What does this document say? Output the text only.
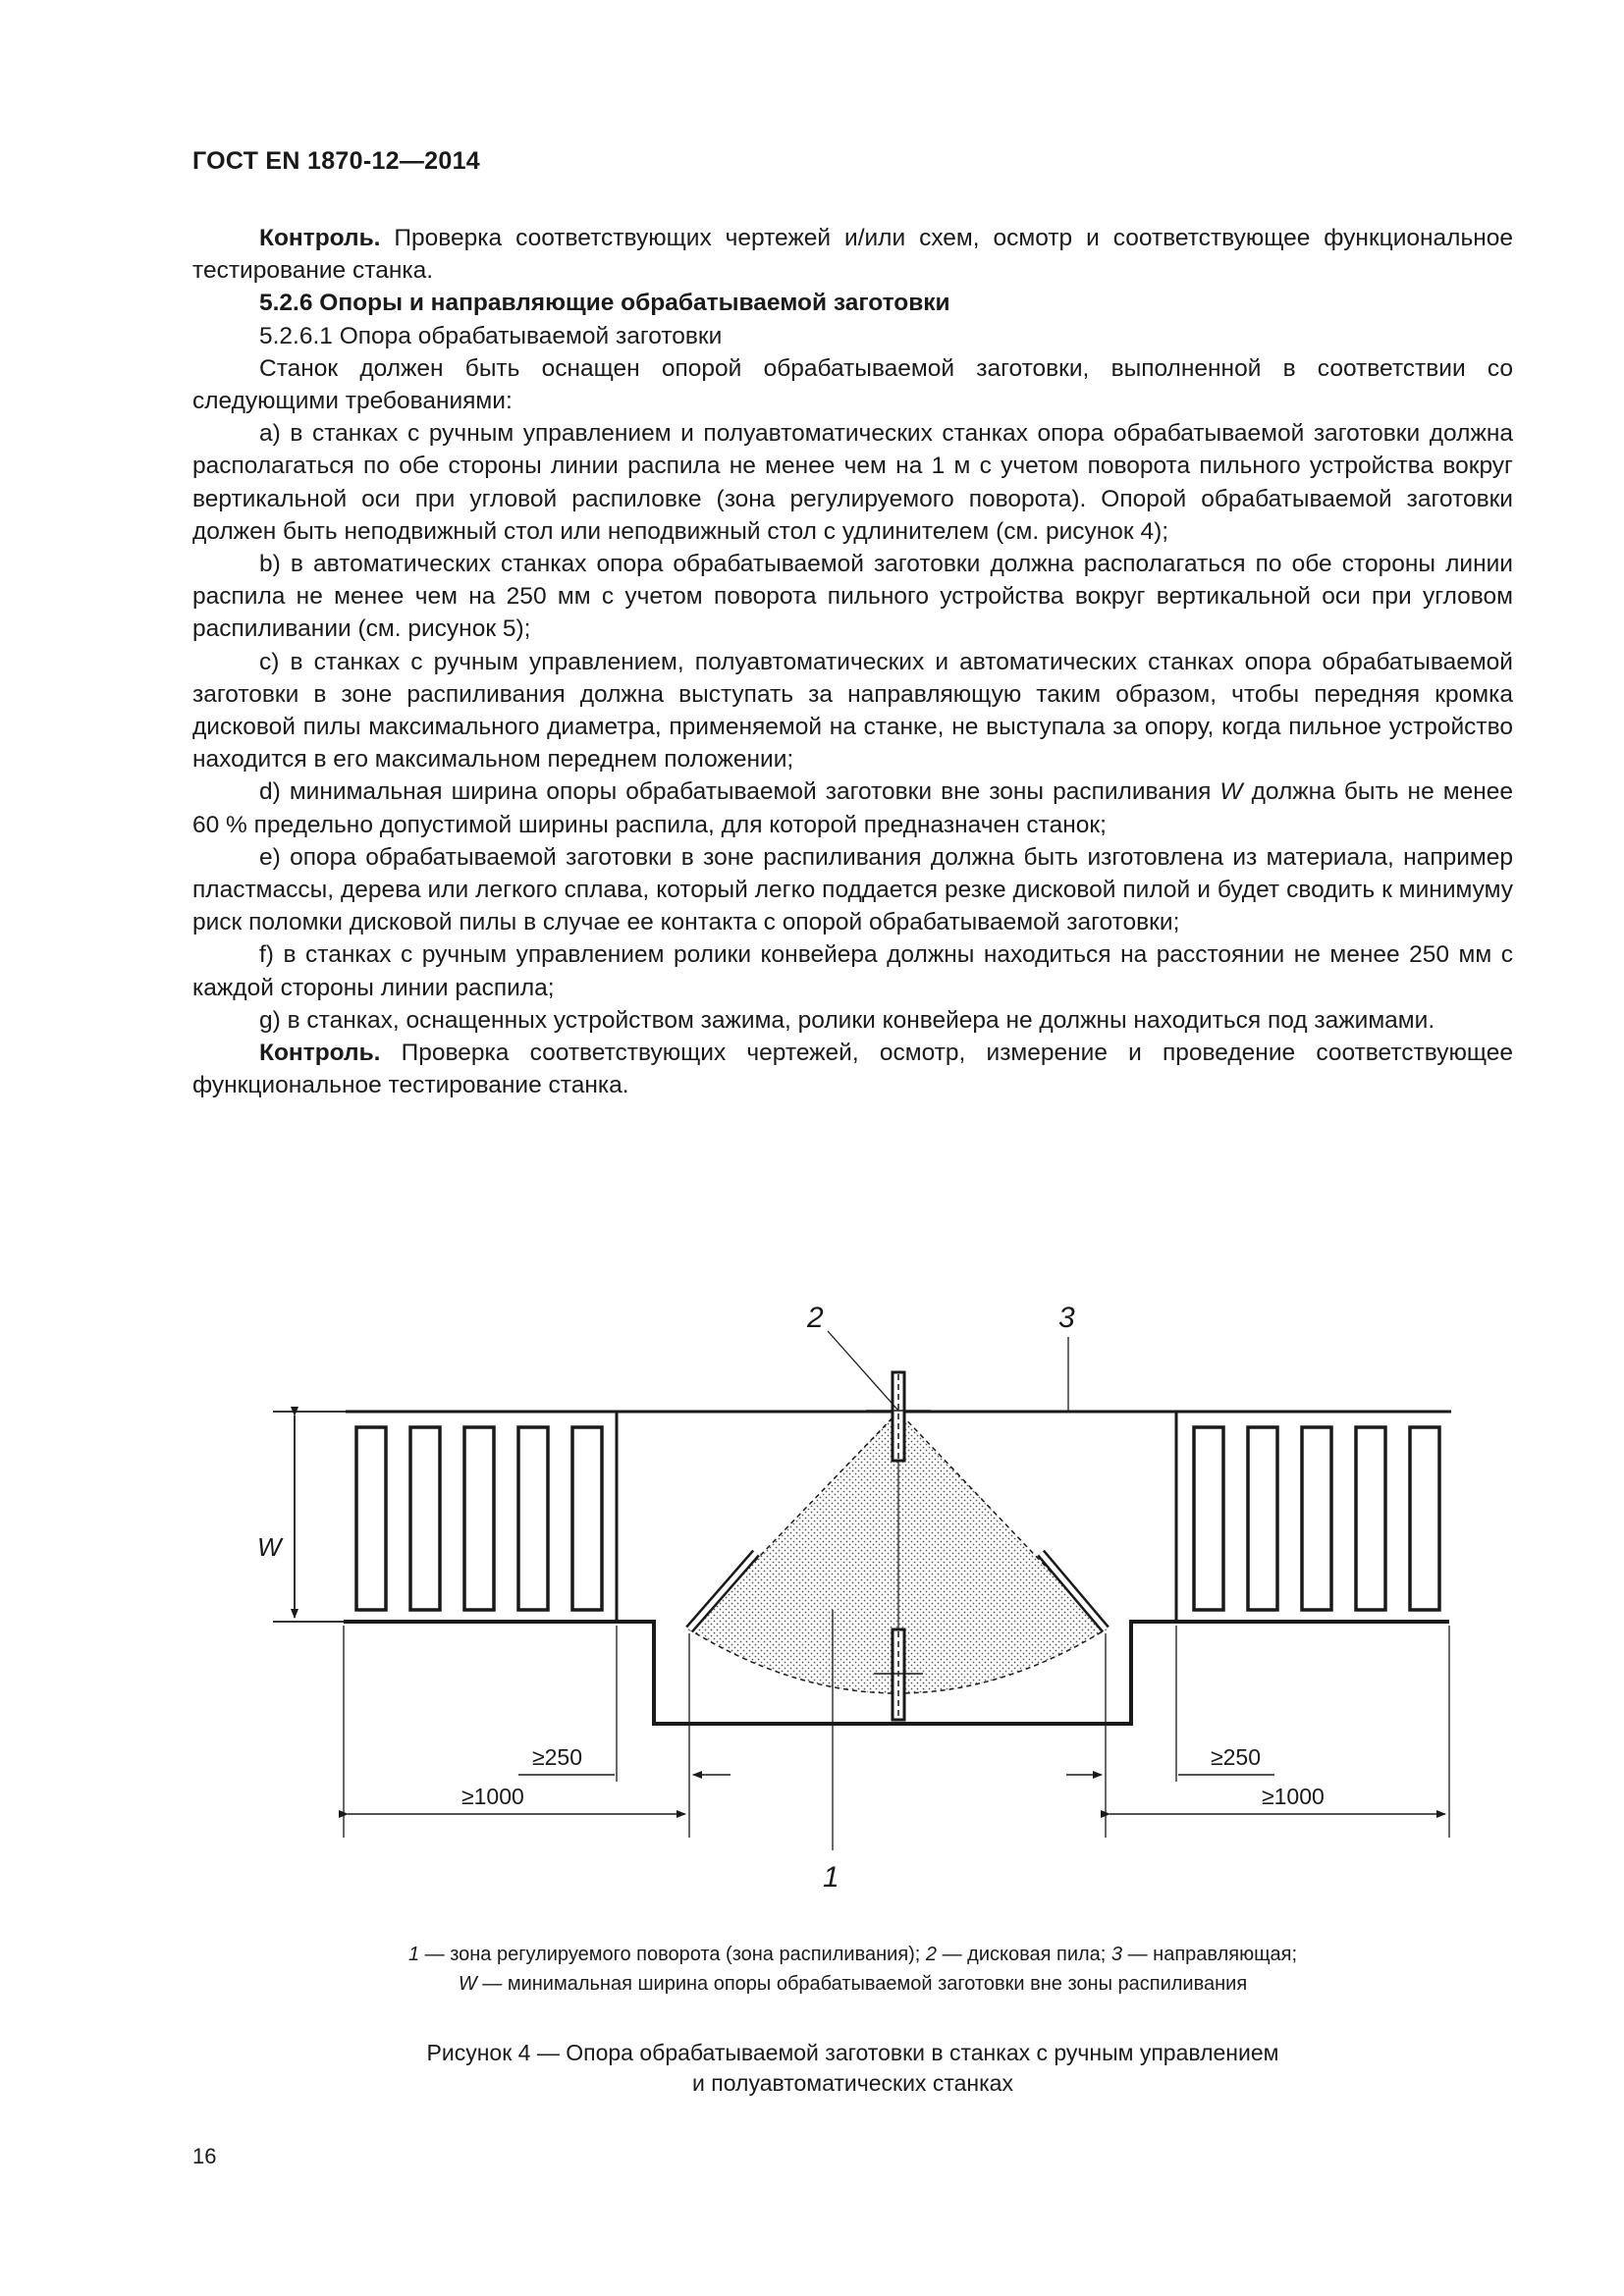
ГОСТ EN 1870-12—2014

Контроль. Проверка соответствующих чертежей и/или схем, осмотр и соответствующее функциональное тестирование станка.

5.2.6 Опоры и направляющие обрабатываемой заготовки

5.2.6.1 Опора обрабатываемой заготовки

Станок должен быть оснащен опорой обрабатываемой заготовки, выполненной в соответствии со следующими требованиями:

a) в станках с ручным управлением и полуавтоматических станках опора обрабатываемой заготовки должна располагаться по обе стороны линии распила не менее чем на 1 м с учетом поворота пильного устройства вокруг вертикальной оси при угловой распиловке (зона регулируемого поворота). Опорой обрабатываемой заготовки должен быть неподвижный стол или неподвижный стол с удлинителем (см. рисунок 4);

b) в автоматических станках опора обрабатываемой заготовки должна располагаться по обе стороны линии распила не менее чем на 250 мм с учетом поворота пильного устройства вокруг вертикальной оси при угловом распиливании (см. рисунок 5);

c) в станках с ручным управлением, полуавтоматических и автоматических станках опора обрабатываемой заготовки в зоне распиливания должна выступать за направляющую таким образом, чтобы передняя кромка дисковой пилы максимального диаметра, применяемой на станке, не выступала за опору, когда пильное устройство находится в его максимальном переднем положении;

d) минимальная ширина опоры обрабатываемой заготовки вне зоны распиливания W должна быть не менее 60 % предельно допустимой ширины распила, для которой предназначен станок;

e) опора обрабатываемой заготовки в зоне распиливания должна быть изготовлена из материала, например пластмассы, дерева или легкого сплава, который легко поддается резке дисковой пилой и будет сводить к минимуму риск поломки дисковой пилы в случае ее контакта с опорой обрабатываемой заготовки;

f) в станках с ручным управлением ролики конвейера должны находиться на расстоянии не менее 250 мм с каждой стороны линии распила;

g) в станках, оснащенных устройством зажима, ролики конвейера не должны находиться под зажимами.

Контроль. Проверка соответствующих чертежей, осмотр, измерение и проведение соответствующее функциональное тестирование станка.

W
2	3
1
≥250
≥1000
≥250
≥1000
1 — зона регулируемого поворота (зона распиливания); 2 — дисковая пила; 3 — направляющая;
W — минимальная ширина опоры обрабатываемой заготовки вне зоны распиливания
Рисунок 4 — Опора обрабатываемой заготовки в станках с ручным управлением
и полуавтоматических станках
16
